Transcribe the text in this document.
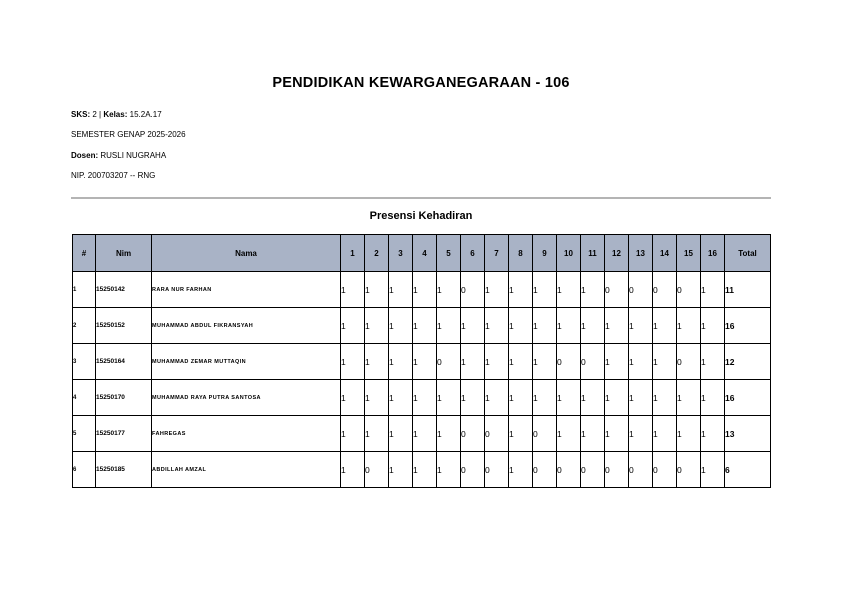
PENDIDIKAN KEWARGANEGARAAN - 106
SKS: 2 | Kelas: 15.2A.17
SEMESTER GENAP 2025-2026
Dosen: RUSLI NUGRAHA
NIP. 200703207 -- RNG
Presensi Kehadiran
#	Nim	Nama	1	2	3	4	5	6	7	8	9	10	11	12	13	14	15	16	Total
1	15250142	RARA NUR FARHAN	1	1	1	1	1	0	1	1	1	1	1	0	0	0	0	1	11
2	15250152	MUHAMMAD ABDUL FIKRANSYAH	1	1	1	1	1	1	1	1	1	1	1	1	1	1	1	1	16
3	15250164	MUHAMMAD ZEMAR MUTTAQIN	1	1	1	1	0	1	1	1	1	0	0	1	1	1	0	1	12
4	15250170	MUHAMMAD RAYA PUTRA SANTOSA	1	1	1	1	1	1	1	1	1	1	1	1	1	1	1	1	16
5	15250177	FAHREGAS	1	1	1	1	1	0	0	1	0	1	1	1	1	1	1	1	13
6	15250185	ABDILLAH AMZAL	1	0	1	1	1	0	0	1	0	0	0	0	0	0	0	1	6
